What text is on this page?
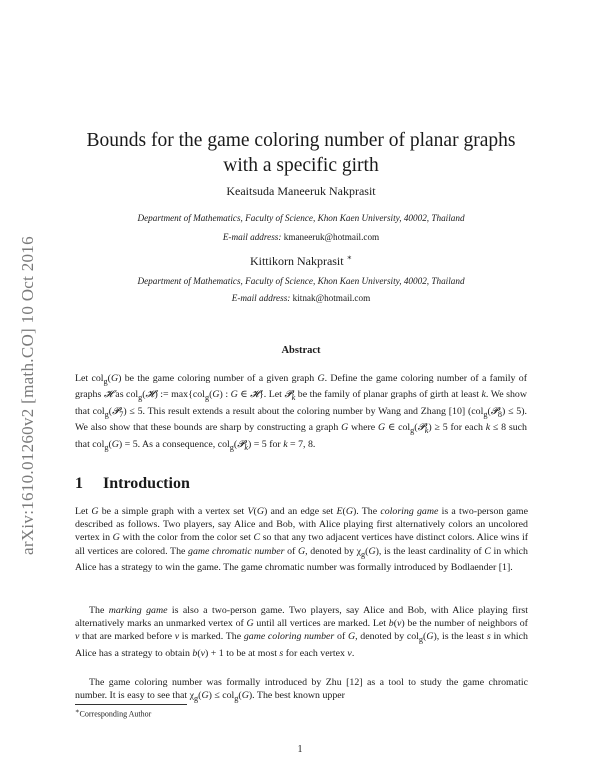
arXiv:1610.01260v2 [math.CO] 10 Oct 2016
Bounds for the game coloring number of planar graphs
with a specific girth

Keaitsuda Maneeruk Nakprasit

Department of Mathematics, Faculty of Science, Khon Kaen University, 40002, Thailand

E-mail address: kmaneeruk@hotmail.com

Kittikorn Nakprasit ∗

Department of Mathematics, Faculty of Science, Khon Kaen University, 40002, Thailand

E-mail address: kitnak@hotmail.com

Abstract

Let col$_g$(G) be the game coloring number of a given graph G. Define the game coloring number of a family of graphs 𝓗 as col$_g$(𝓗) := max{col$_g$(G) : G ∈ 𝓗}. Let 𝓟$_k$ be the family of planar graphs of girth at least k. We show that col$_g$(𝓟$_7$) ≤ 5. This result extends a result about the coloring number by Wang and Zhang [10] (col$_g$(𝓟$_8$) ≤ 5). We also show that these bounds are sharp by constructing a graph G where G ∈ col$_g$(𝓟$_k$) ≥ 5 for each k ≤ 8 such that col$_g$(G) = 5. As a consequence, col$_g$(𝓟$_k$) = 5 for k = 7, 8.

1 Introduction

Let G be a simple graph with a vertex set V(G) and an edge set E(G). The coloring game is a two-person game described as follows. Two players, say Alice and Bob, with Alice playing first alternatively colors an uncolored vertex in G with the color from the color set C so that any two adjacent vertices have distinct colors. Alice wins if all vertices are colored. The game chromatic number of G, denoted by $\chi_g(G)$, is the least cardinality of C in which Alice has a strategy to win the game. The game chromatic number was formally introduced by Bodlaender [1].

The marking game is also a two-person game. Two players, say Alice and Bob, with Alice playing first alternatively marks an unmarked vertex of G until all vertices are marked. Let b(v) be the number of neighbors of v that are marked before v is marked. The game coloring number of G, denoted by col$_g$(G), is the least s in which Alice has a strategy to obtain b(v) + 1 to be at most s for each vertex v.

The game coloring number was formally introduced by Zhu [12] as a tool to study the game chromatic number. It is easy to see that $\chi_g(G) \le col_g(G)$. The best known upper

∗Corresponding Author

1
